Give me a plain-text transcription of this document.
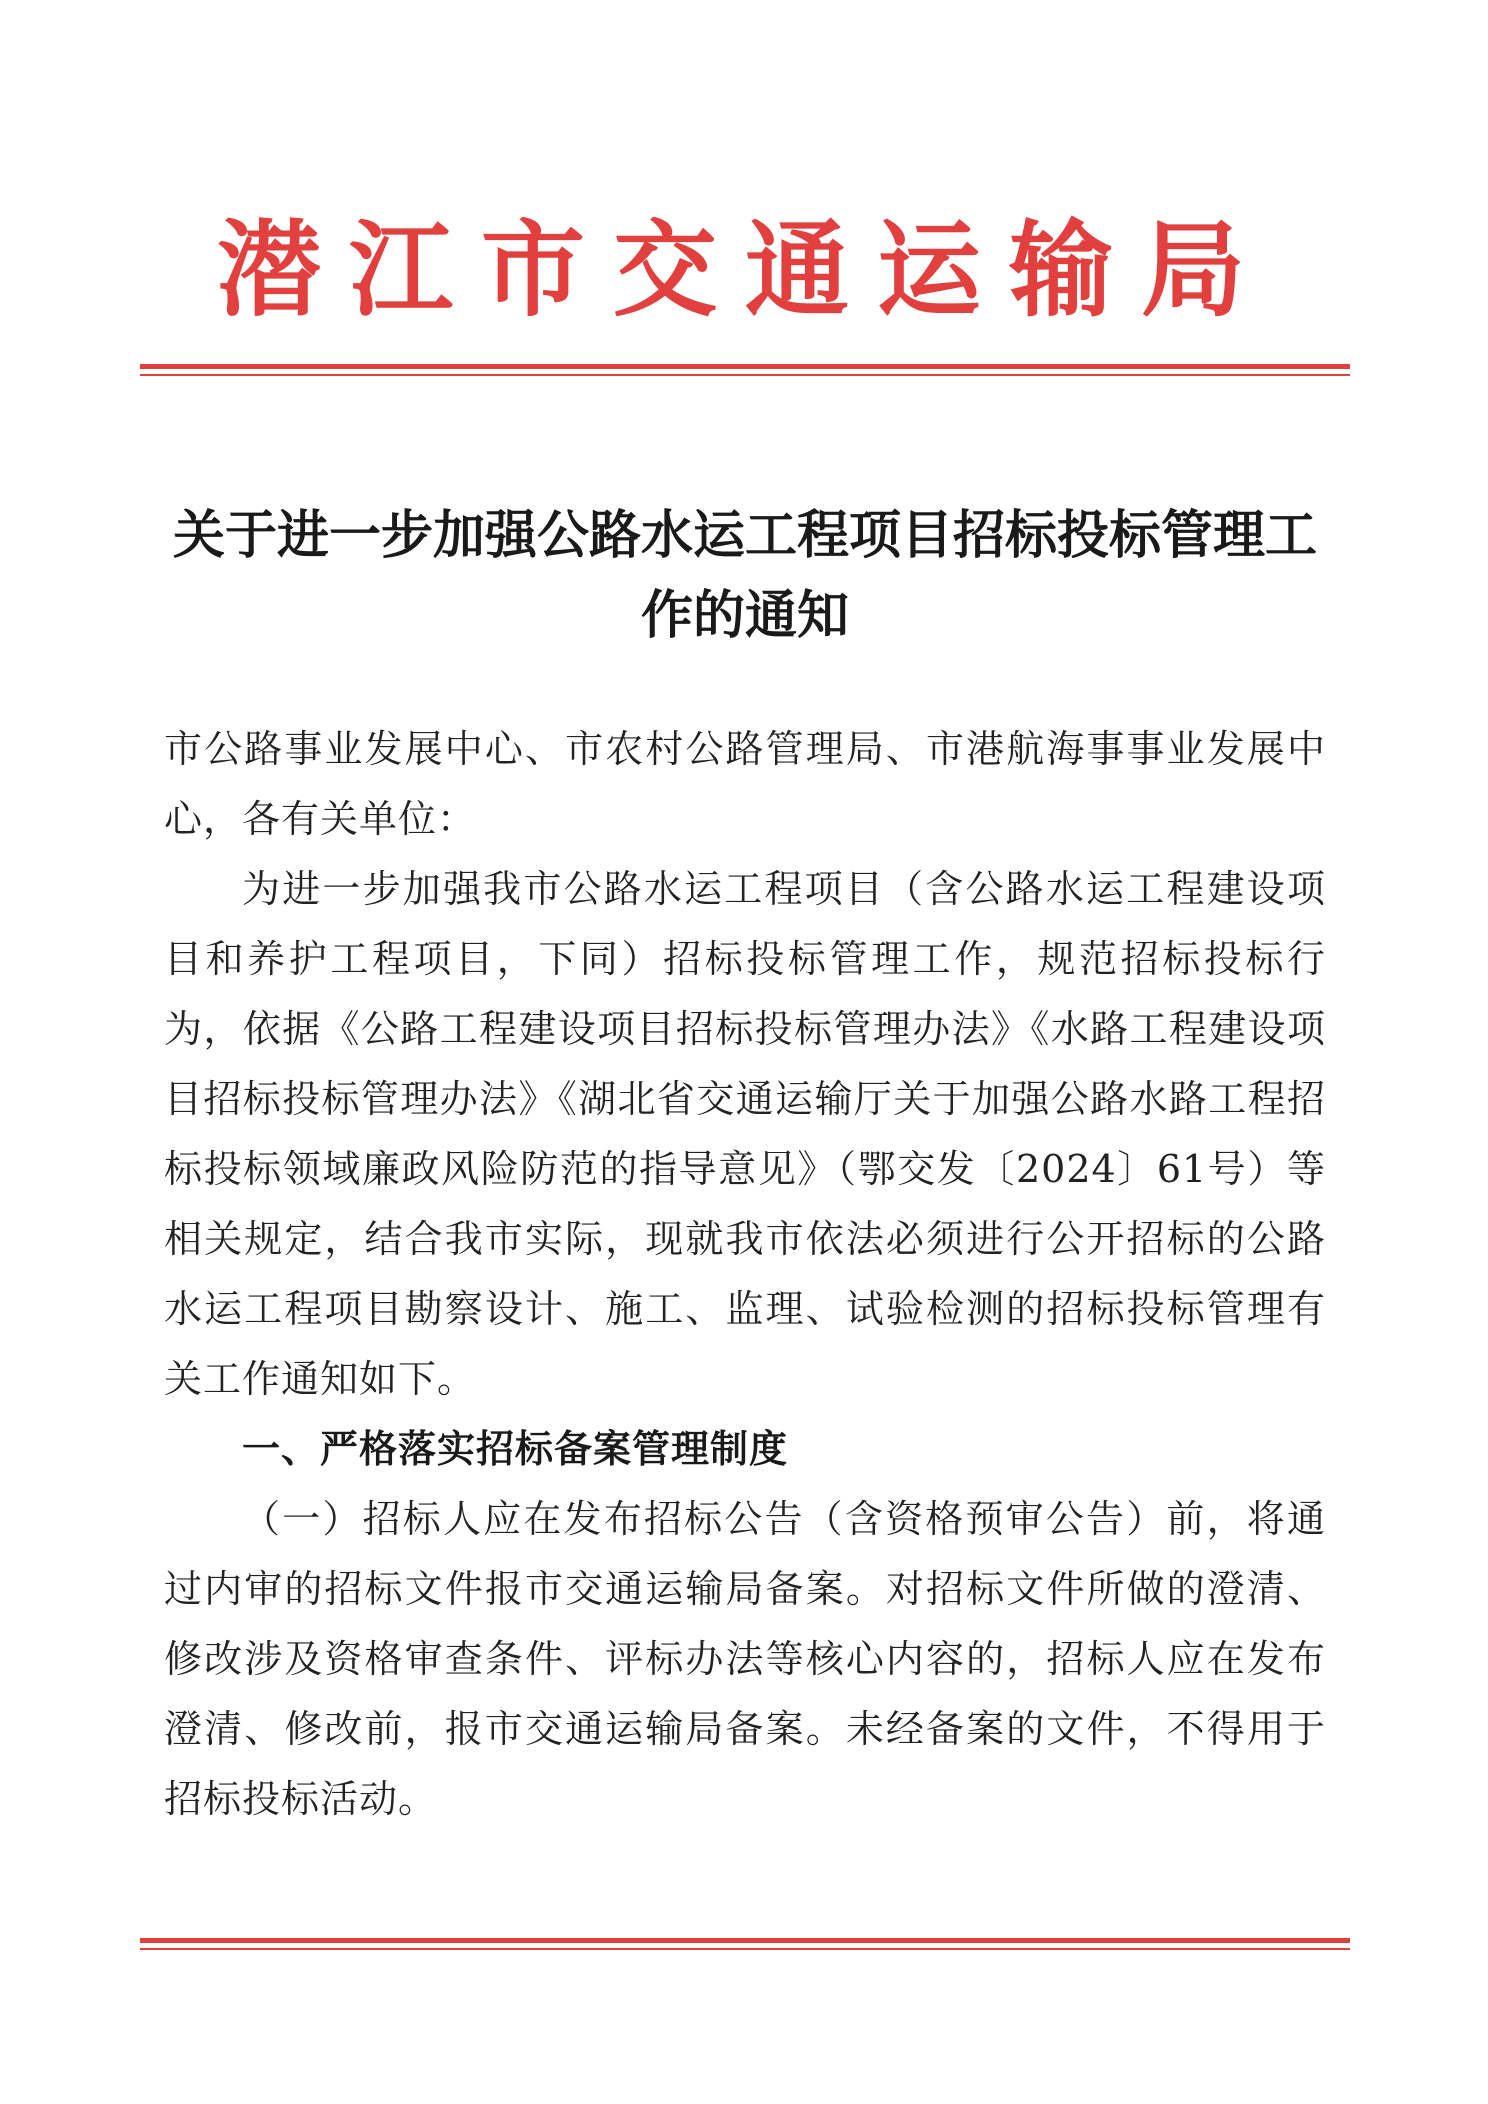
潜江市交通运输局
关于进一步加强公路水运工程项目招标投标管理工作的通知

市公路事业发展中心、市农村公路管理局、市港航海事事业发展中心，各有关单位：

为进一步加强我市公路水运工程项目（含公路水运工程建设项目和养护工程项目，下同）招标投标管理工作，规范招标投标行为，依据《公路工程建设项目招标投标管理办法》《水路工程建设项目招标投标管理办法》《湖北省交通运输厅关于加强公路水路工程招标投标领域廉政风险防范的指导意见》（鄂交发〔2024〕61号）等相关规定，结合我市实际，现就我市依法必须进行公开招标的公路水运工程项目勘察设计、施工、监理、试验检测的招标投标管理有关工作通知如下。

一、严格落实招标备案管理制度

（一）招标人应在发布招标公告（含资格预审公告）前，将通过内审的招标文件报市交通运输局备案。对招标文件所做的澄清、修改涉及资格审查条件、评标办法等核心内容的，招标人应在发布澄清、修改前，报市交通运输局备案。未经备案的文件，不得用于招标投标活动。
